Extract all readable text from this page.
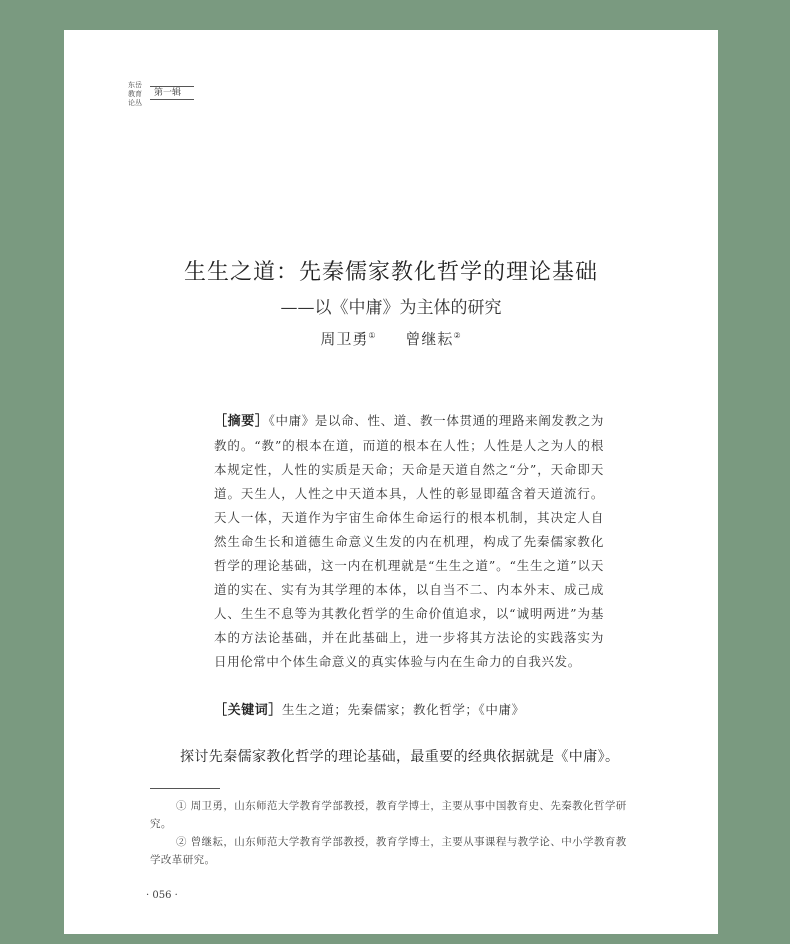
东岳
教育
论丛
第一辑
生生之道：先秦儒家教化哲学的理论基础
——以《中庸》为主体的研究
周卫勇① 曾继耘②
［摘要］《中庸》是以命、性、道、教一体贯通的理路来阐发教之为教的。“教”的根本在道，而道的根本在人性；人性是人之为人的根本规定性，人性的实质是天命；天命是天道自然之“分”，天命即天道。天生人，人性之中天道本具，人性的彰显即蕴含着天道流行。天人一体，天道作为宇宙生命体生命运行的根本机制，其决定人自然生命生长和道德生命意义生发的内在机理，构成了先秦儒家教化哲学的理论基础，这一内在机理就是“生生之道”。“生生之道”以天道的实在、实有为其学理的本体，以自当不二、内本外末、成己成人、生生不息等为其教化哲学的生命价值追求，以“诚明两进”为基本的方法论基础，并在此基础上，进一步将其方法论的实践落实为日用伦常中个体生命意义的真实体验与内在生命力的自我兴发。
［关键词］生生之道；先秦儒家；教化哲学；《中庸》
探讨先秦儒家教化哲学的理论基础，最重要的经典依据就是《中庸》。
① 周卫勇，山东师范大学教育学部教授，教育学博士，主要从事中国教育史、先秦教化哲学研究。
② 曾继耘，山东师范大学教育学部教授，教育学博士，主要从事课程与教学论、中小学教育教学改革研究。
· 056 ·
